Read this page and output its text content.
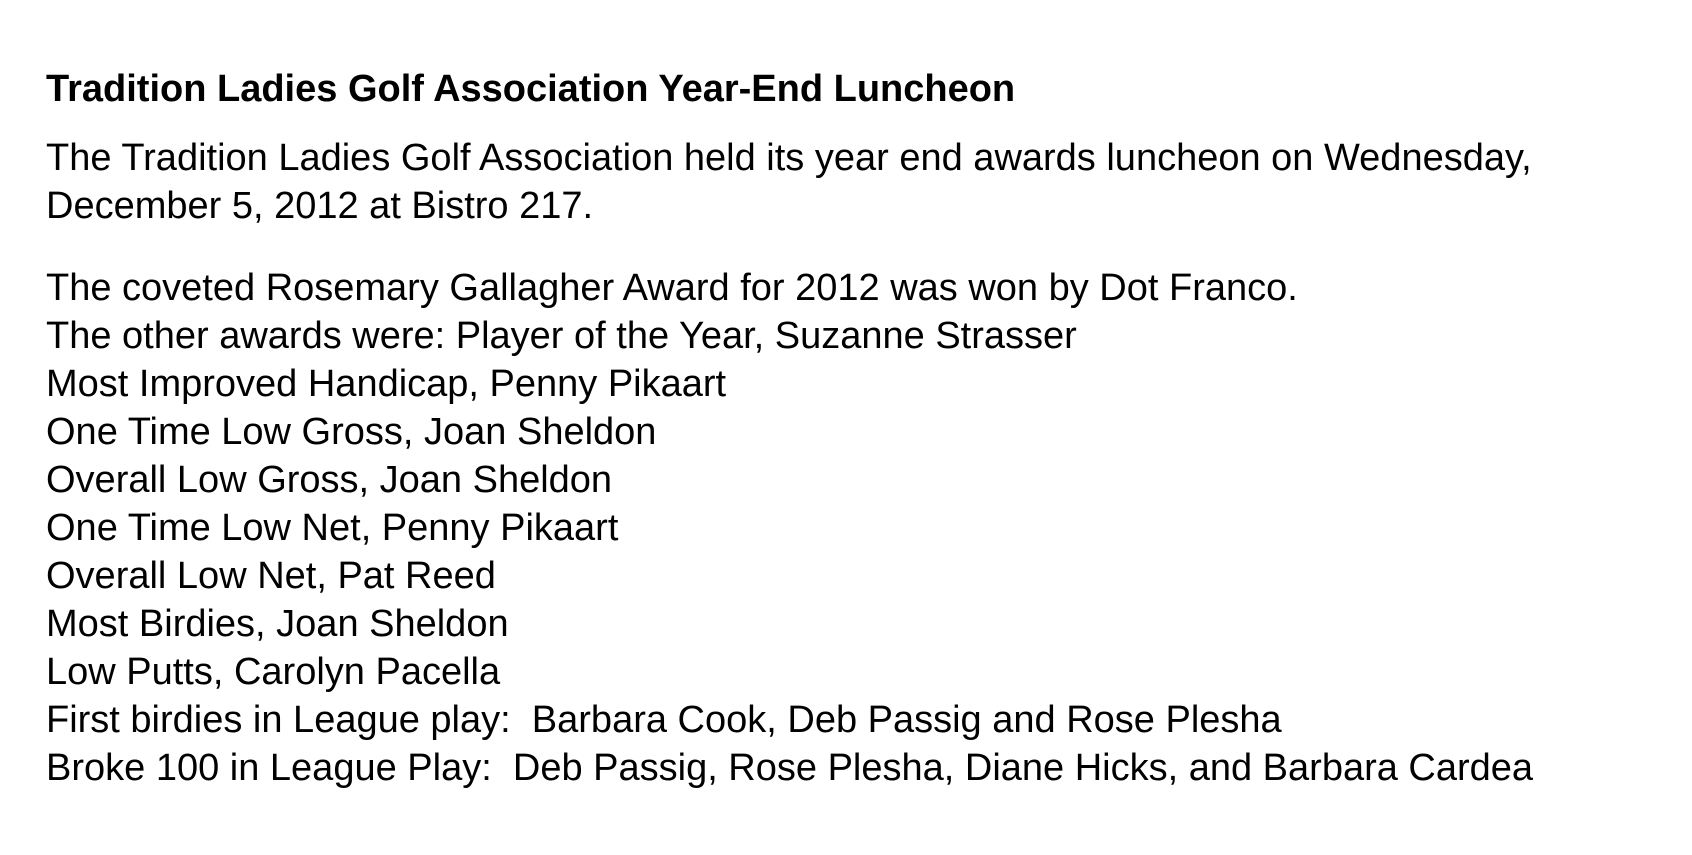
Tradition Ladies Golf Association Year-End Luncheon
The Tradition Ladies Golf Association held its year end awards luncheon on Wednesday,
December 5, 2012 at Bistro 217.
The coveted Rosemary Gallagher Award for 2012 was won by Dot Franco.
The other awards were: Player of the Year, Suzanne Strasser
Most Improved Handicap, Penny Pikaart
One Time Low Gross, Joan Sheldon
Overall Low Gross, Joan Sheldon
One Time Low Net, Penny Pikaart
Overall Low Net, Pat Reed
Most Birdies, Joan Sheldon
Low Putts, Carolyn Pacella
First birdies in League play:  Barbara Cook, Deb Passig and Rose Plesha
Broke 100 in League Play:  Deb Passig, Rose Plesha, Diane Hicks, and Barbara Cardea
